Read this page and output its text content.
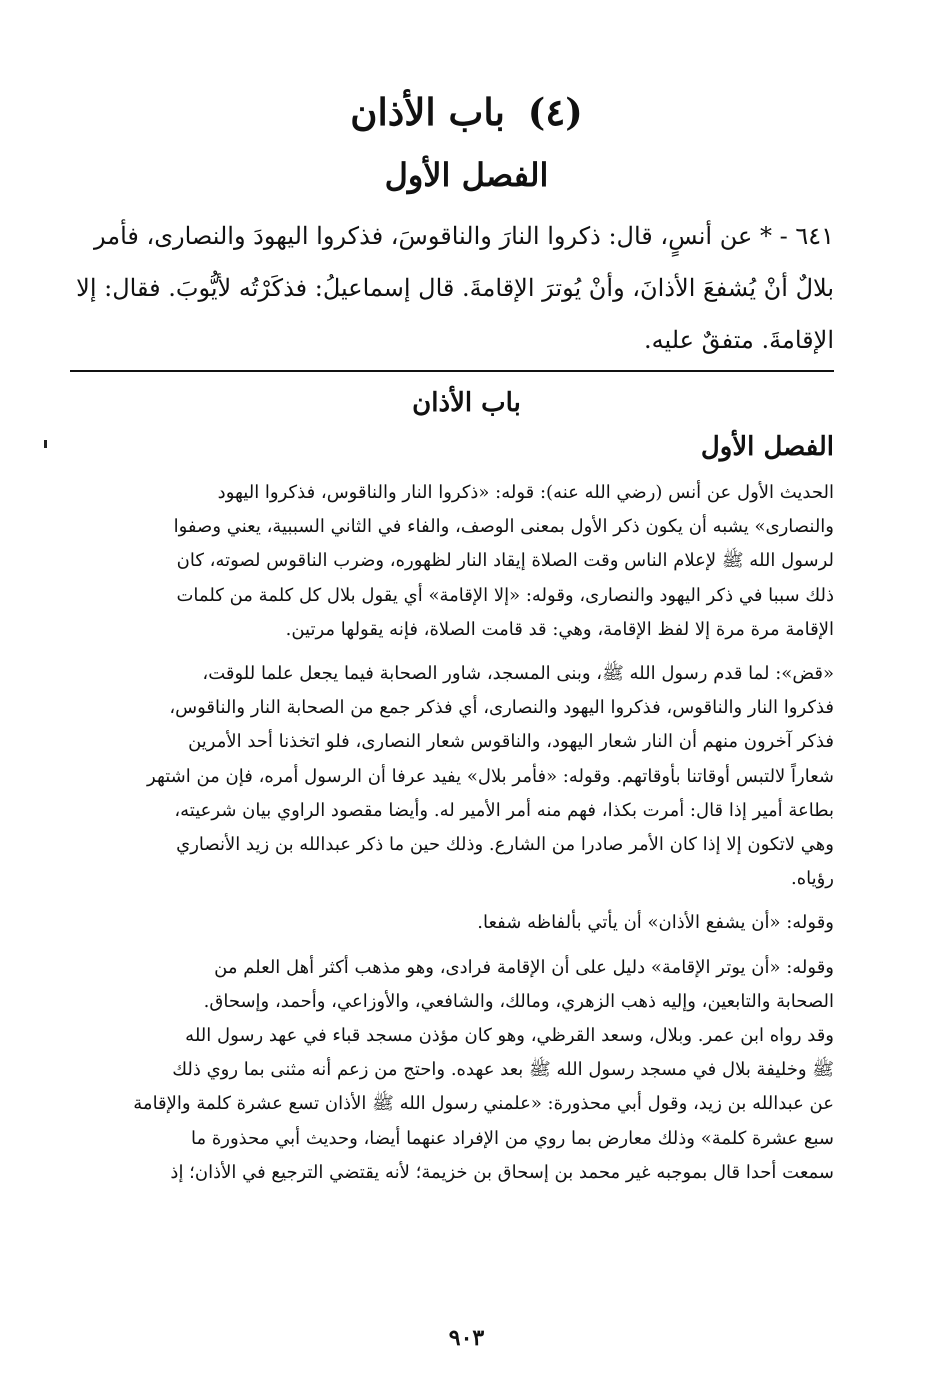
(٤) باب الأذان
الفصل الأول
٦٤١ - * عن أنسٍ، قال: ذكروا النارَ والناقوسَ، فذكروا اليهودَ والنصارى، فأمر
بلالٌ أنْ يُشفعَ الأذانَ، وأنْ يُوترَ الإقامةَ. قال إسماعيلُ: فذكَرْتُه لأيُّوبَ. فقال: إلا
الإقامةَ. متفقٌ عليه.
باب الأذان
الفصل الأول
الحديث الأول عن أنس (رضي الله عنه): قوله: «ذكروا النار والناقوس، فذكروا اليهود
والنصارى» يشبه أن يكون ذكر الأول بمعنى الوصف، والفاء في الثاني السببية، يعني وصفوا
لرسول الله ﷺ لإعلام الناس وقت الصلاة إيقاد النار لظهوره، وضرب الناقوس لصوته، كان
ذلك سببا في ذكر اليهود والنصارى، وقوله: «إلا الإقامة» أي يقول بلال كل كلمة من كلمات
الإقامة مرة مرة إلا لفظ الإقامة، وهي: قد قامت الصلاة، فإنه يقولها مرتين.
«قض»: لما قدم رسول الله ﷺ، وبنى المسجد، شاور الصحابة فيما يجعل علما للوقت،
فذكروا النار والناقوس، فذكروا اليهود والنصارى، أي فذكر جمع من الصحابة النار والناقوس،
فذكر آخرون منهم أن النار شعار اليهود، والناقوس شعار النصارى، فلو اتخذنا أحد الأمرين
شعاراً لالتبس أوقاتنا بأوقاتهم. وقوله: «فأمر بلال» يفيد عرفا أن الرسول أمره، فإن من اشتهر
بطاعة أمير إذا قال: أمرت بكذا، فهم منه أمر الأمير له. وأيضا مقصود الراوي بيان شرعيته،
وهي لاتكون إلا إذا كان الأمر صادرا من الشارع. وذلك حين ما ذكر عبدالله بن زيد الأنصاري
رؤياه.
وقوله: «أن يشفع الأذان» أن يأتي بألفاظه شفعا.
وقوله: «أن يوتر الإقامة» دليل على أن الإقامة فرادى، وهو مذهب أكثر أهل العلم من
الصحابة والتابعين، وإليه ذهب الزهري، ومالك، والشافعي، والأوزاعي، وأحمد، وإسحاق.
وقد رواه ابن عمر. وبلال، وسعد القرظي، وهو كان مؤذن مسجد قباء في عهد رسول الله
ﷺ وخليفة بلال في مسجد رسول الله ﷺ بعد عهده. واحتج من زعم أنه مثنى بما روي ذلك
عن عبدالله بن زيد، وقول أبي محذورة: «علمني رسول الله ﷺ الأذان تسع عشرة كلمة والإقامة
سبع عشرة كلمة» وذلك معارض بما روي من الإفراد عنهما أيضا، وحديث أبي محذورة ما
سمعت أحدا قال بموجبه غير محمد بن إسحاق بن خزيمة؛ لأنه يقتضي الترجيع في الأذان؛ إذ
٩٠٣
